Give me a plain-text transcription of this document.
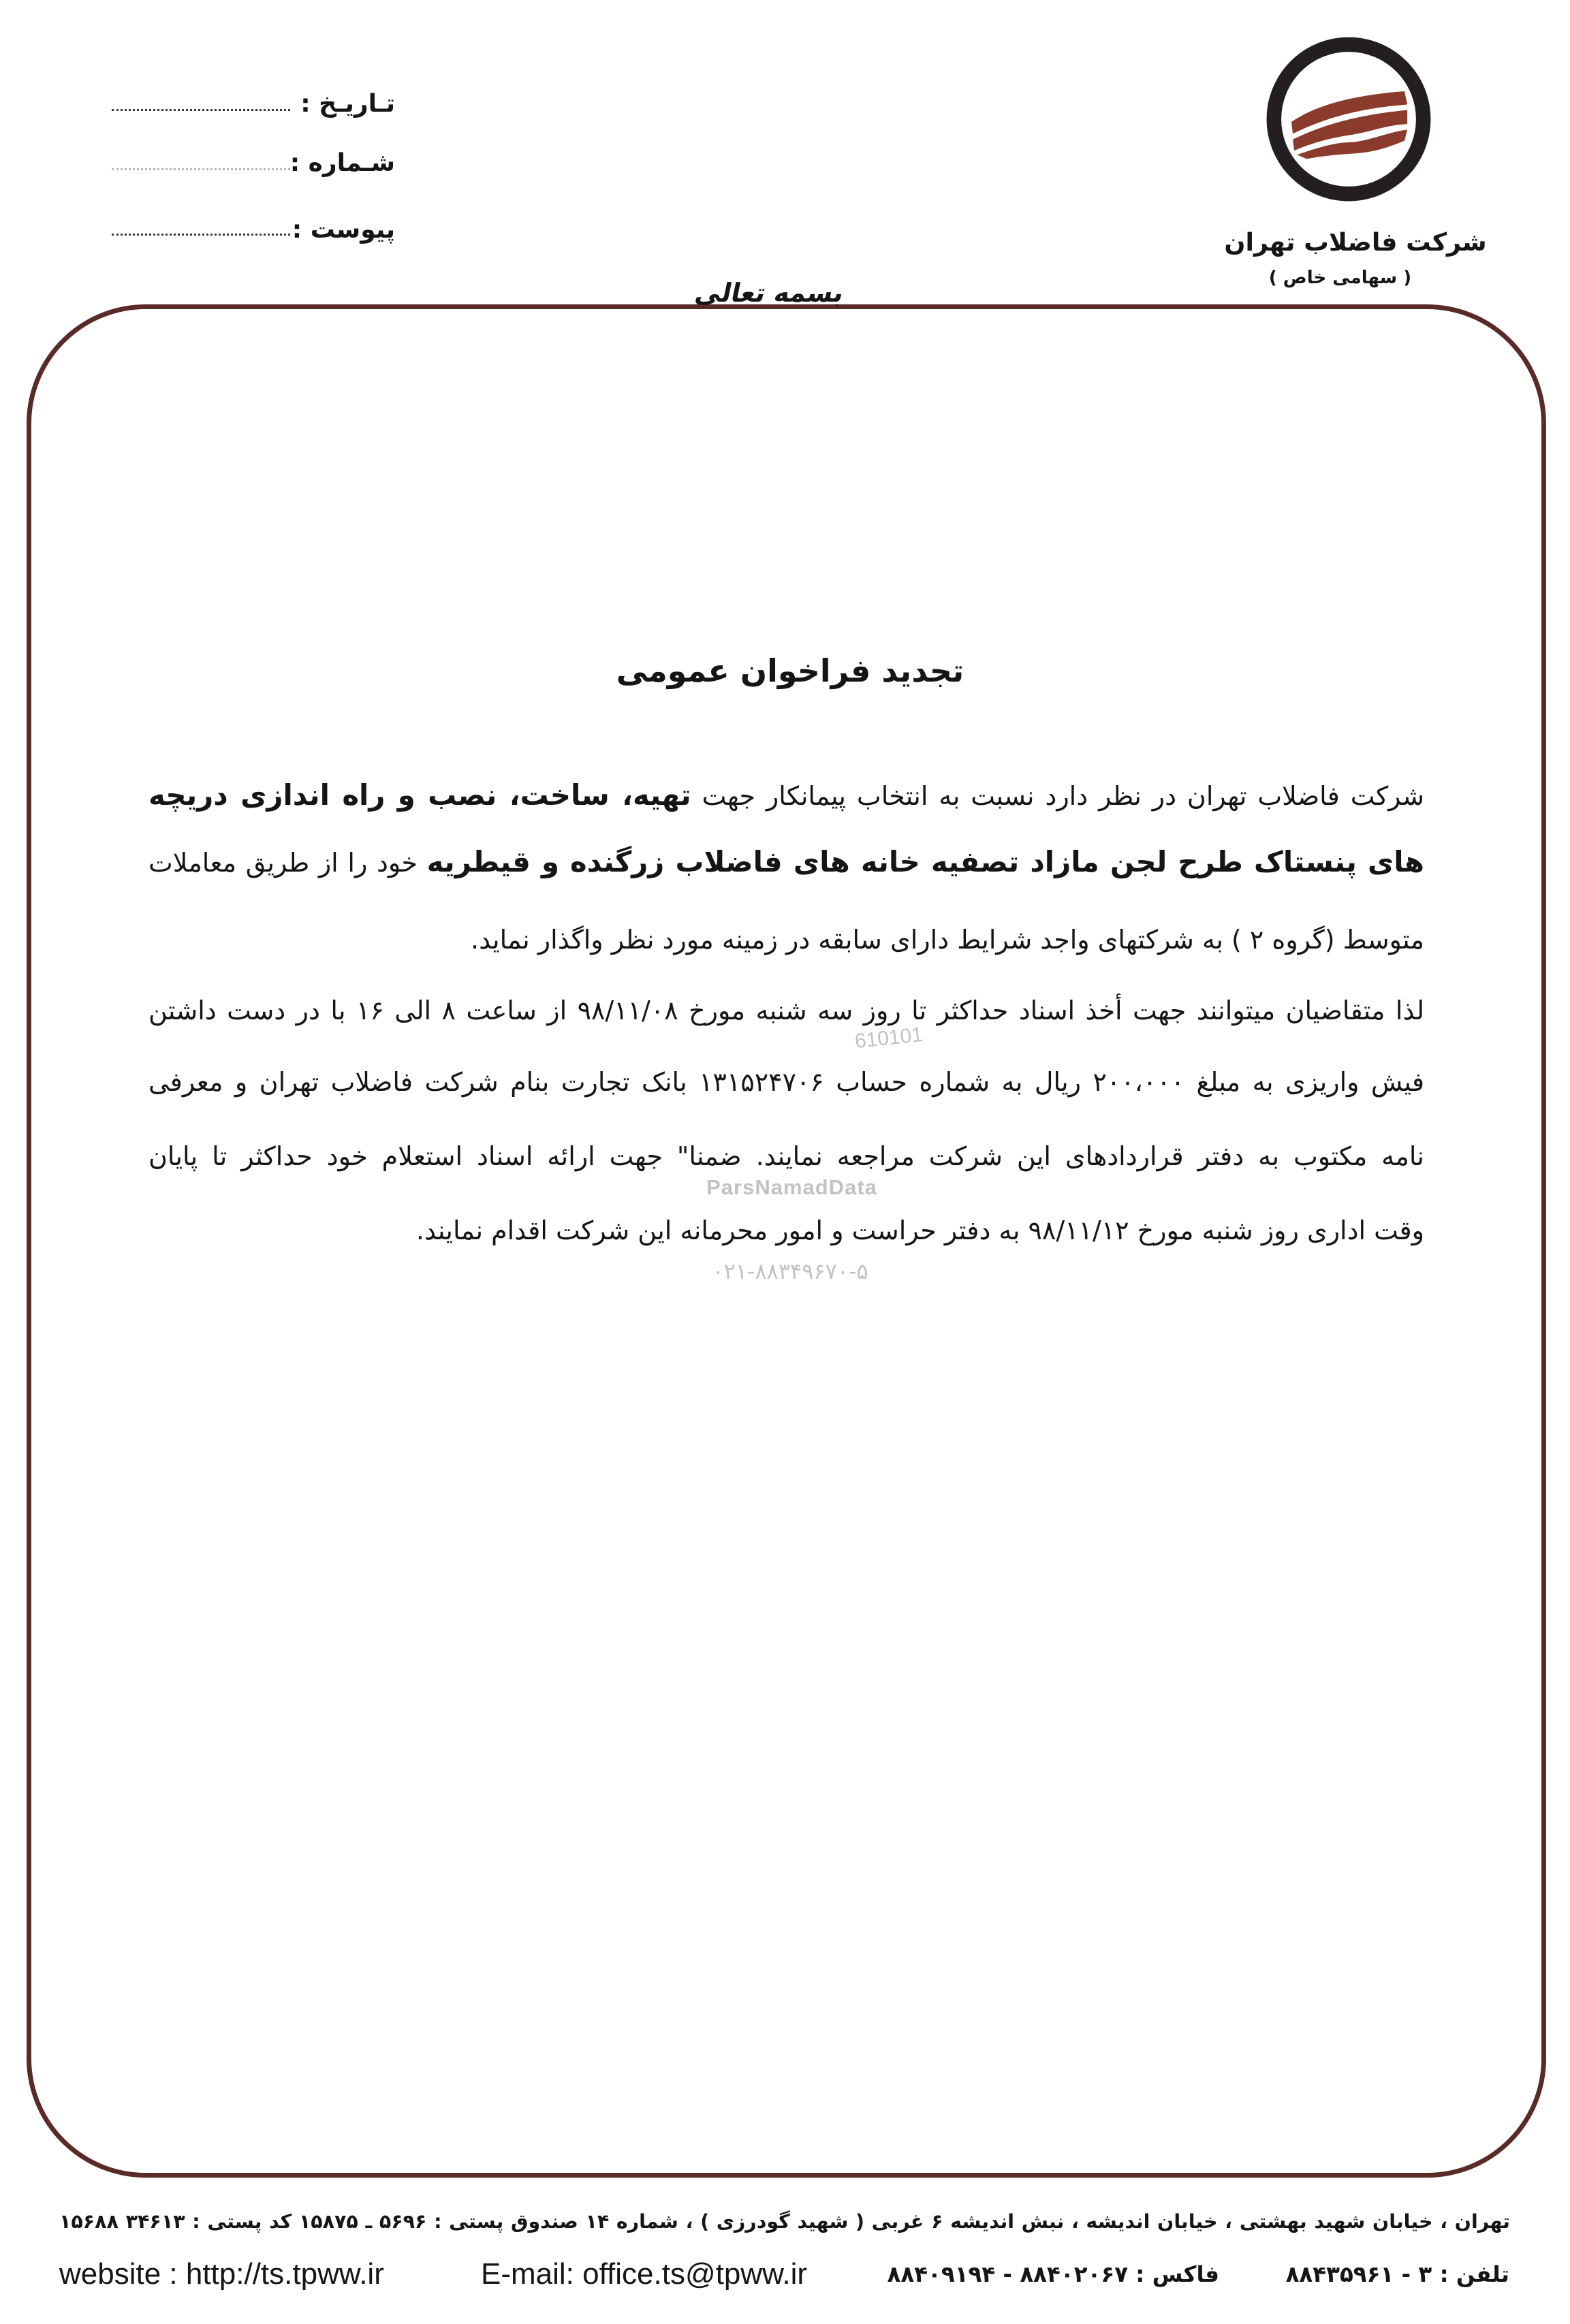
شرکت فاضلاب تهران
( سهامی خاص )
تـاریـخ :
شـماره :
پیوست :
بسمه تعالی
تجدید فراخوان عمومی
610101
ParsNamadData
۰۲۱-۸۸۳۴۹۶۷۰-۵
شرکت فاضلاب تهران در نظر دارد نسبت به انتخاب پیمانکار جهت تهیه، ساخت، نصب و راه اندازی دریچه
های پنستاک طرح لجن مازاد تصفیه خانه های فاضلاب زرگنده و قیطریه خود را از طریق معاملات
متوسط (گروه ۲ ) به شرکتهای واجد شرایط دارای سابقه در زمینه مورد نظر واگذار نماید.
لذا متقاضیان میتوانند جهت أخذ اسناد حداکثر تا روز سه شنبه مورخ ۹۸/۱۱/۰۸ از ساعت ۸ الی ۱۶ با در دست داشتن
فیش واریزی به مبلغ ۲۰۰،۰۰۰ ریال به شماره حساب ۱۳۱۵۲۴۷۰۶ بانک تجارت بنام شرکت فاضلاب تهران و معرفی
نامه مکتوب به دفتر قراردادهای این شرکت مراجعه نمایند. ضمنا" جهت ارائه اسناد استعلام خود حداکثر تا پایان
وقت اداری روز شنبه مورخ ۹۸/۱۱/۱۲ به دفتر حراست و امور محرمانه این شرکت اقدام نمایند.
تهران ، خیابان شهید بهشتی ، خیابان اندیشه ، نبش اندیشه ۶ غربی ( شهید گودرزی ) ، شماره ۱۴ صندوق پستی : ۵۶۹۶ ـ ۱۵۸۷۵ کد پستی : ۳۴۶۱۳ ۱۵۶۸۸
website : http://ts.tpww.ir	E-mail: office.ts@tpww.ir	فاکس : ۸۸۴۰۲۰۶۷ - ۸۸۴۰۹۱۹۴	تلفن : ۳ - ۸۸۴۳۵۹۶۱
